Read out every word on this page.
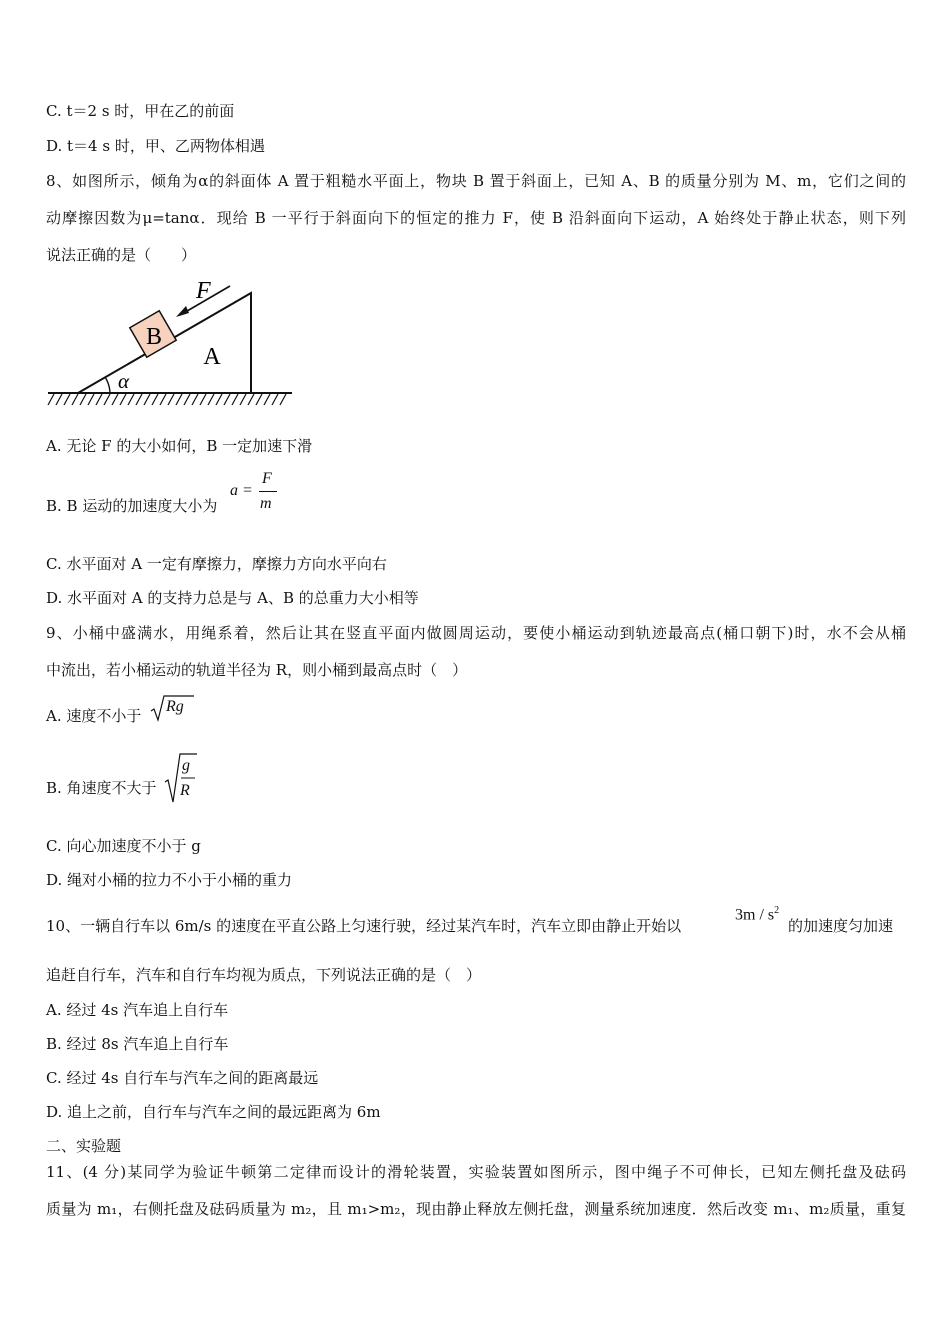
C. t＝2 s 时，甲在乙的前面
D. t＝4 s 时，甲、乙两物体相遇
8、如图所示，倾角为α的斜面体 A 置于粗糙水平面上，物块 B 置于斜面上，已知 A、B 的质量分别为 M、m，它们之间的
动摩擦因数为μ=tanα．现给 B 一平行于斜面向下的恒定的推力 F，使 B 沿斜面向下运动，A 始终处于静止状态，则下列
说法正确的是（　　）
B
F
A
α
A. 无论 F 的大小如何，B 一定加速下滑
B. B 运动的加速度大小为
a =
F
m
C. 水平面对 A 一定有摩擦力，摩擦力方向水平向右
D. 水平面对 A 的支持力总是与 A、B 的总重力大小相等
9、小桶中盛满水，用绳系着，然后让其在竖直平面内做圆周运动，要使小桶运动到轨迹最高点(桶口朝下)时，水不会从桶
中流出，若小桶运动的轨道半径为 R，则小桶到最高点时（　）
A. 速度不小于
Rg
B. 角速度不大于
g
R
C. 向心加速度不小于 g
D. 绳对小桶的拉力不小于小桶的重力
10、一辆自行车以 6m/s 的速度在平直公路上匀速行驶，经过某汽车时，汽车立即由静止开始以
$3m / s^2$
的加速度匀加速
追赶自行车，汽车和自行车均视为质点，下列说法正确的是（　）
A. 经过 4s 汽车追上自行车
B. 经过 8s 汽车追上自行车
C. 经过 4s 自行车与汽车之间的距离最远
D. 追上之前，自行车与汽车之间的最远距离为 6m
二、实验题
11、(4 分)某同学为验证牛顿第二定律而设计的滑轮装置，实验装置如图所示，图中绳子不可伸长，已知左侧托盘及砝码
质量为 m₁，右侧托盘及砝码质量为 m₂，且 m₁>m₂，现由静止释放左侧托盘，测量系统加速度．然后改变 m₁、m₂质量，重复
